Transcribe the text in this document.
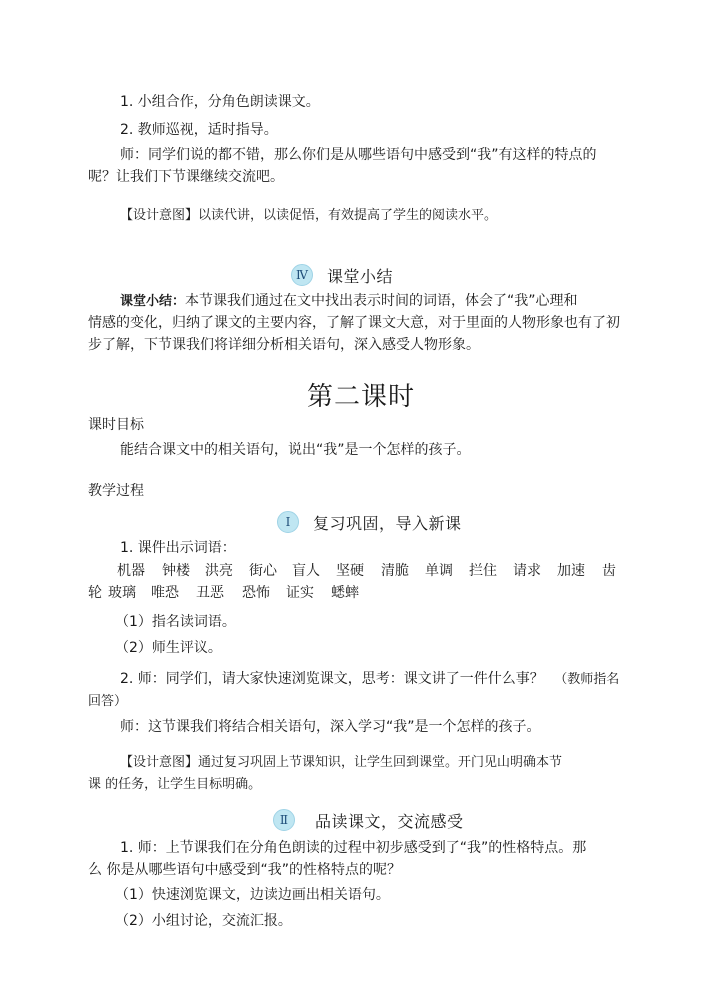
1. 小组合作，分角色朗读课文。
2. 教师巡视，适时指导。
师：同学们说的都不错，那么你们是从哪些语句中感受到“我”有这样的特点的
呢？让我们下节课继续交流吧。
【设计意图】以读代讲，以读促悟，有效提高了学生的阅读水平。
Ⅳ	课堂小结
课堂小结：本节课我们通过在文中找出表示时间的词语，体会了“我”心理和
情感的变化，归纳了课文的主要内容，了解了课文大意，对于里面的人物形象也有了初
步了解，下节课我们将详细分析相关语句，深入感受人物形象。
第二课时
课时目标
能结合课文中的相关语句，说出“我”是一个怎样的孩子。
教学过程
Ⅰ	复习巩固，导入新课
1. 课件出示词语：
机器 钟楼 洪亮 街心 盲人 坚硬 清脆 单调 拦住 请求 加速 齿
轮 玻璃 唯恐 丑恶 恐怖 证实 蟋蟀
（1）指名读词语。
（2）师生评议。
2. 师：同学们，请大家快速浏览课文，思考：课文讲了一件什么事？ （教师指名
回答）
师：这节课我们将结合相关语句，深入学习“我”是一个怎样的孩子。
【设计意图】通过复习巩固上节课知识，让学生回到课堂。开门见山明确本节
课 的任务，让学生目标明确。
Ⅱ	品读课文，交流感受
1. 师：上节课我们在分角色朗读的过程中初步感受到了“我”的性格特点。那
么 你是从哪些语句中感受到“我”的性格特点的呢？
（1）快速浏览课文，边读边画出相关语句。
（2）小组讨论，交流汇报。
